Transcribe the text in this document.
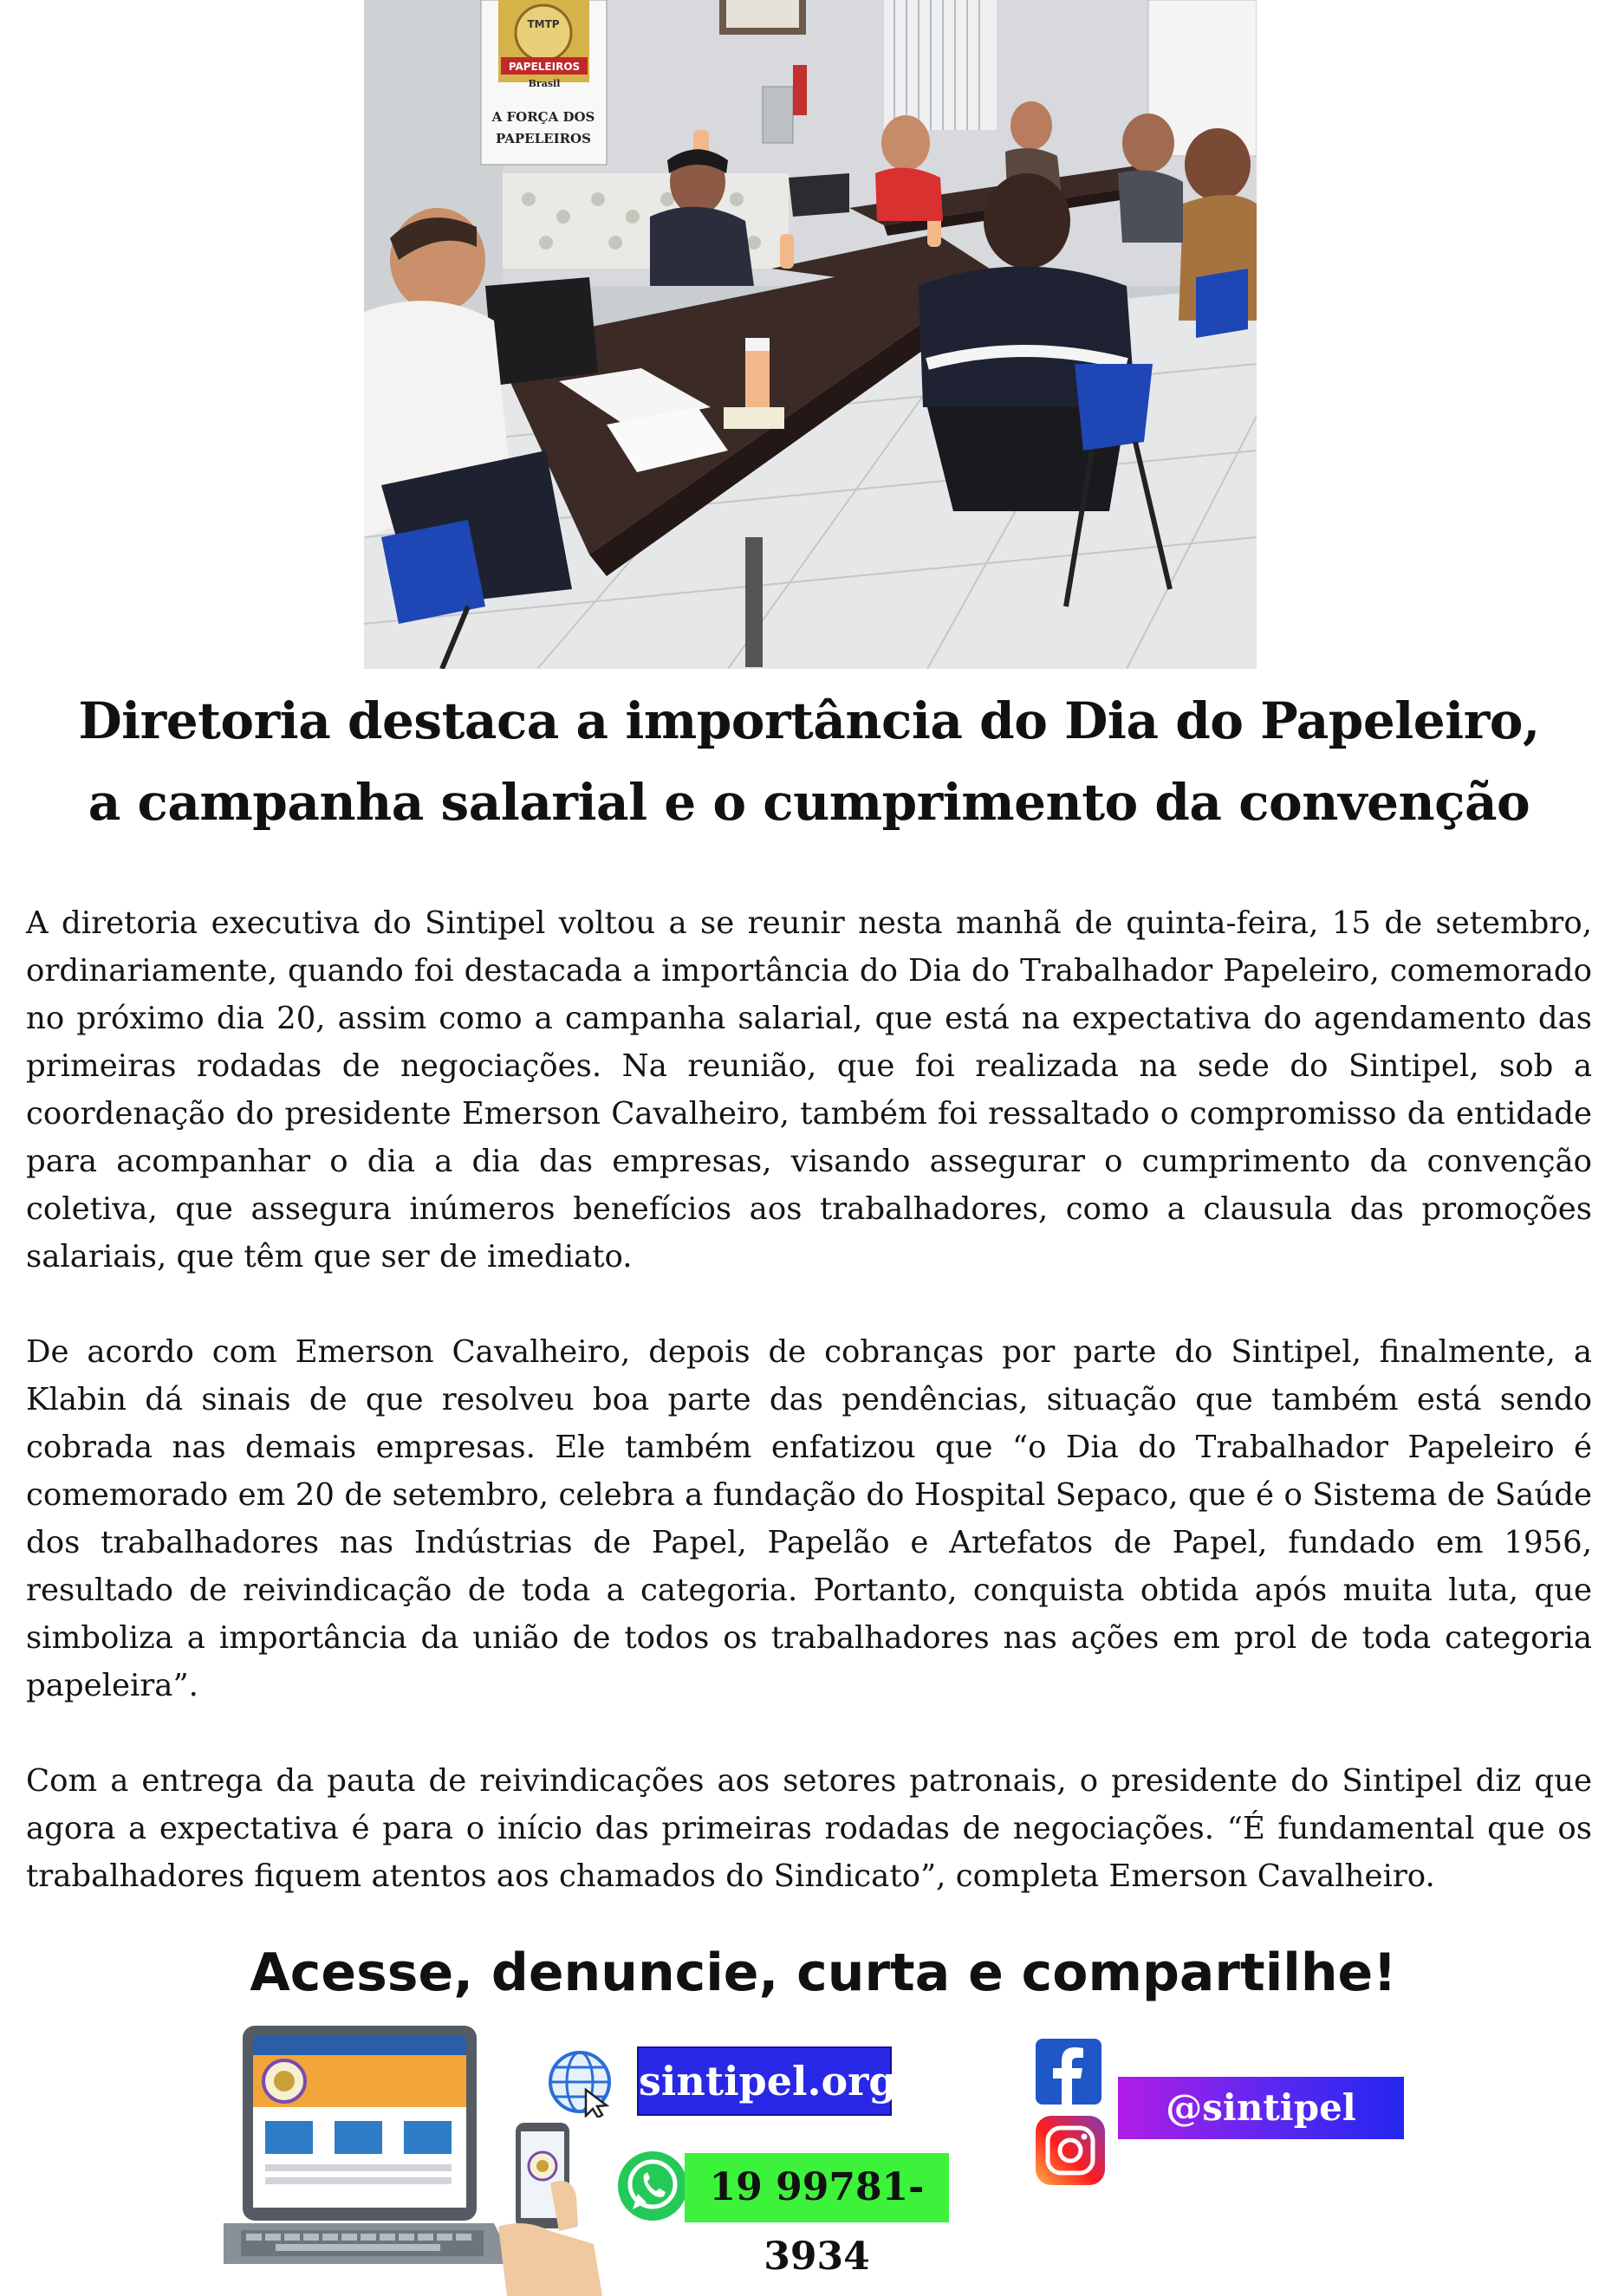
TMTP
PAPELEIROS
Brasil
A FORÇA DOS
PAPELEIROS
Diretoria destaca a importância do Dia do Papeleiro,
a campanha salarial e o cumprimento da convenção

A diretoria executiva do Sintipel voltou a se reunir nesta manhã de quinta-feira, 15 de setembro, ordinariamente, quando foi destacada a importância do Dia do Trabalhador Papeleiro, comemorado no próximo dia 20, assim como a campanha salarial, que está na expectativa do agendamento das primeiras rodadas de negociações. Na reunião, que foi realizada na sede do Sintipel, sob a coordenação do presidente Emerson Cavalheiro, também foi ressaltado o compromisso da entidade para acompanhar o dia a dia das empresas, visando assegurar o cumprimento da convenção coletiva, que assegura inúmeros benefícios aos trabalhadores, como a clausula das promoções salariais, que têm que ser de imediato.

De acordo com Emerson Cavalheiro, depois de cobranças por parte do Sintipel, finalmente, a Klabin dá sinais de que resolveu boa parte das pendências, situação que também está sendo cobrada nas demais empresas. Ele também enfatizou que “o Dia do Trabalhador Papeleiro é comemorado em 20 de setembro, celebra a fundação do Hospital Sepaco, que é o Sistema de Saúde dos trabalhadores nas Indústrias de Papel, Papelão e Artefatos de Papel, fundado em 1956, resultado de reivindicação de toda a categoria. Portanto, conquista obtida após muita luta, que simboliza a importância da união de todos os trabalhadores nas ações em prol de toda categoria papeleira”.

Com a entrega da pauta de reivindicações aos setores patronais, o presidente do Sintipel diz que agora a expectativa é para o início das primeiras rodadas de negociações. “É fundamental que os trabalhadores fiquem atentos aos chamados do Sindicato”, completa Emerson Cavalheiro.

Acesse, denuncie, curta e compartilhe!
sintipel.org.br
19 99781-3934
@sintipel
